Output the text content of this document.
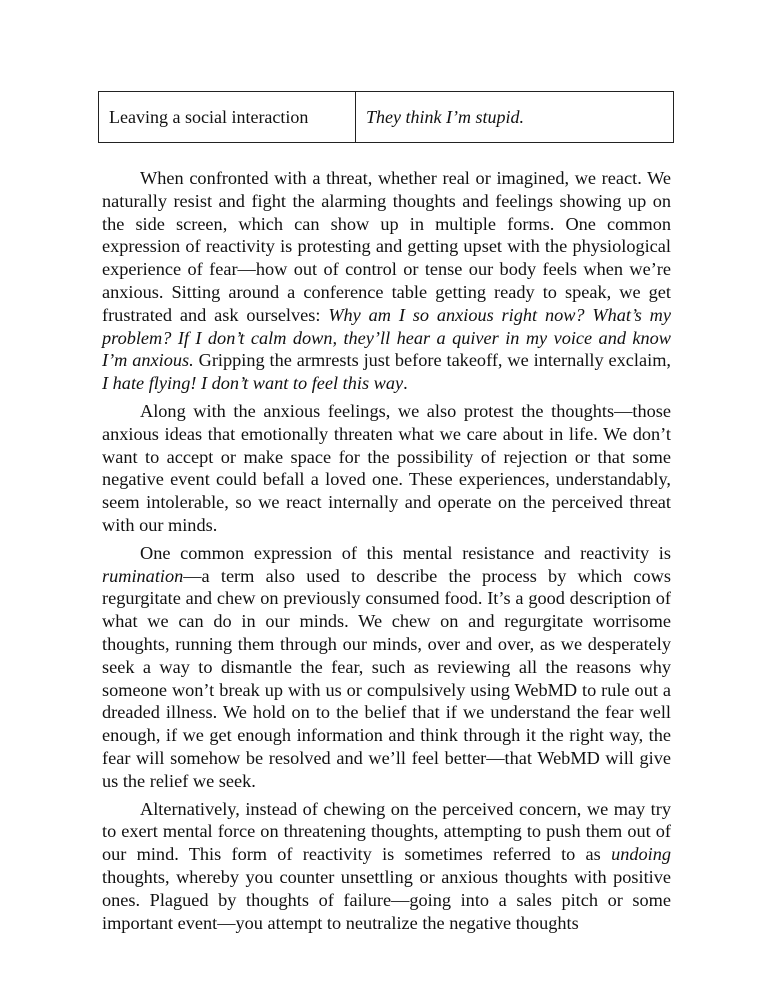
Leaving a social interaction	They think I’m stupid.

When confronted with a threat, whether real or imagined, we react. We naturally resist and fight the alarming thoughts and feelings showing up on the side screen, which can show up in multiple forms. One common expression of reactivity is protesting and getting upset with the physiological experience of fear—how out of control or tense our body feels when we’re anxious. Sitting around a conference table getting ready to speak, we get frustrated and ask ourselves: Why am I so anxious right now? What’s my problem? If I don’t calm down, they’ll hear a quiver in my voice and know I’m anxious. Gripping the armrests just before takeoff, we internally exclaim, I hate flying! I don’t want to feel this way.

Along with the anxious feelings, we also protest the thoughts—those anxious ideas that emotionally threaten what we care about in life. We don’t want to accept or make space for the possibility of rejection or that some negative event could befall a loved one. These experiences, understandably, seem intolerable, so we react internally and operate on the perceived threat with our minds.

One common expression of this mental resistance and reactivity is rumination—a term also used to describe the process by which cows regurgitate and chew on previously consumed food. It’s a good description of what we can do in our minds. We chew on and regurgitate worrisome thoughts, running them through our minds, over and over, as we desperately seek a way to dismantle the fear, such as reviewing all the reasons why someone won’t break up with us or compulsively using WebMD to rule out a dreaded illness. We hold on to the belief that if we understand the fear well enough, if we get enough information and think through it the right way, the fear will somehow be resolved and we’ll feel better—that WebMD will give us the relief we seek.

Alternatively, instead of chewing on the perceived concern, we may try to exert mental force on threatening thoughts, attempting to push them out of our mind. This form of reactivity is sometimes referred to as undoing thoughts, whereby you counter unsettling or anxious thoughts with positive ones. Plagued by thoughts of failure—going into a sales pitch or some important event—you attempt to neutralize the negative thoughts
